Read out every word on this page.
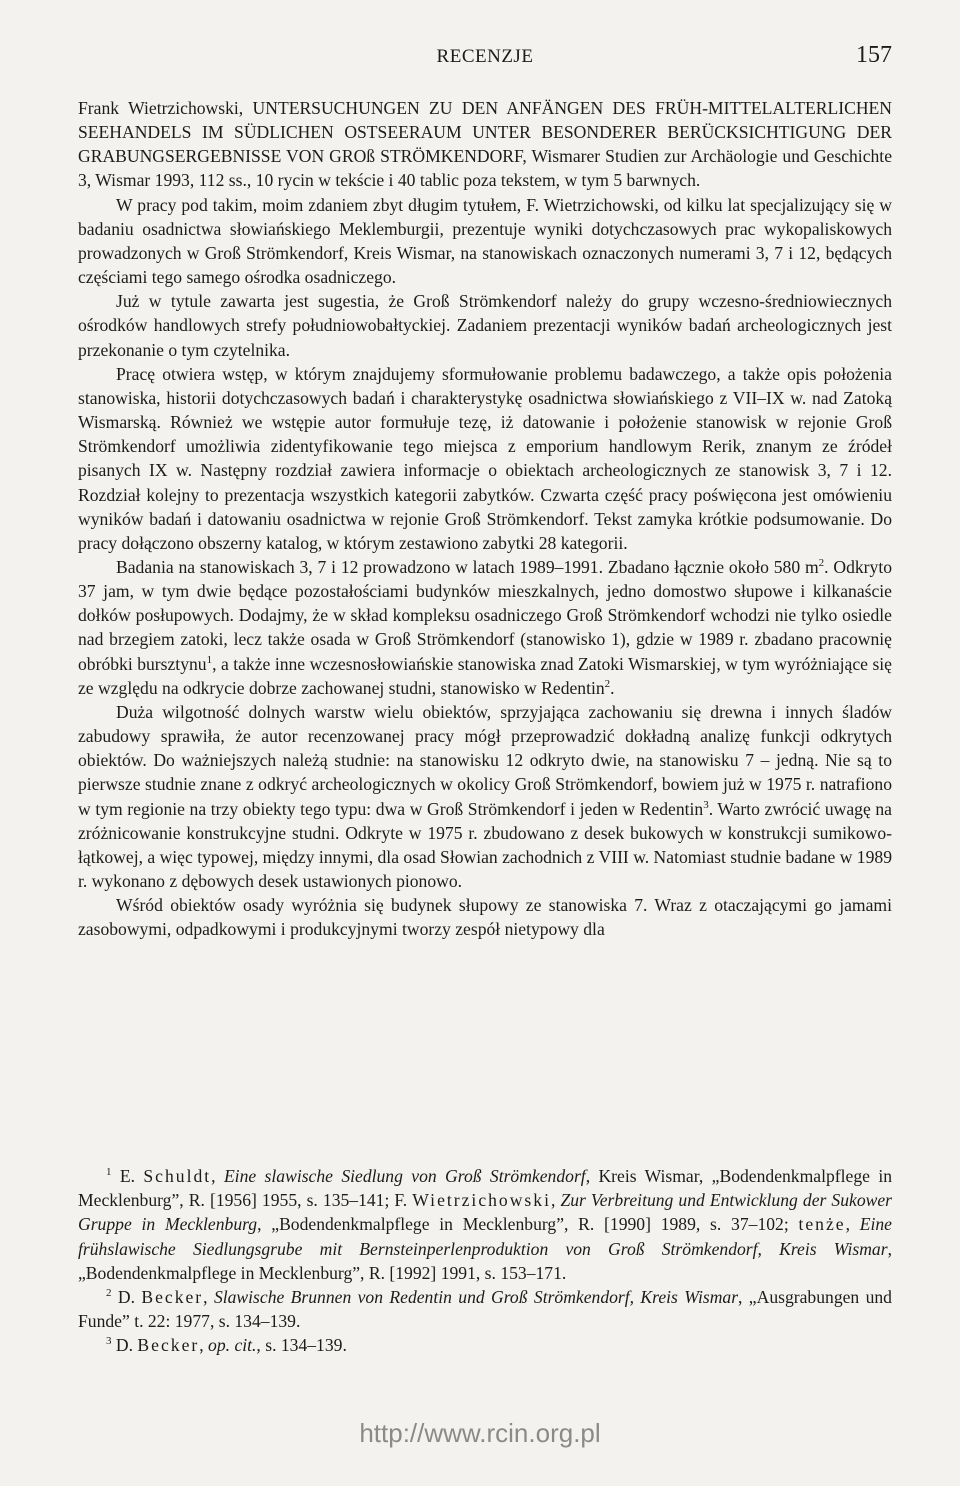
RECENZJE	157

Frank Wietrzichowski, UNTERSUCHUNGEN ZU DEN ANFÄNGEN DES FRÜH-MITTELALTERLICHEN SEEHANDELS IM SÜDLICHEN OSTSEERAUM UNTER BESONDERER BERÜCKSICHTIGUNG DER GRABUNGSERGEBNISSE VON GROß STRÖMKENDORF, Wismarer Studien zur Archäologie und Geschichte 3, Wismar 1993, 112 ss., 10 rycin w tekście i 40 tablic poza tekstem, w tym 5 barwnych.

W pracy pod takim, moim zdaniem zbyt długim tytułem, F. Wietrzichowski, od kilku lat specjalizujący się w badaniu osadnictwa słowiańskiego Meklemburgii, prezentuje wyniki dotychczasowych prac wykopaliskowych prowadzonych w Groß Strömkendorf, Kreis Wismar, na stanowiskach oznaczonych numerami 3, 7 i 12, będących częściami tego samego ośrodka osadniczego.

Już w tytule zawarta jest sugestia, że Groß Strömkendorf należy do grupy wczesno-średniowiecznych ośrodków handlowych strefy południowobałtyckiej. Zadaniem prezentacji wyników badań archeologicznych jest przekonanie o tym czytelnika.

Pracę otwiera wstęp, w którym znajdujemy sformułowanie problemu badawczego, a także opis położenia stanowiska, historii dotychczasowych badań i charakterystykę osadnictwa słowiańskiego z VII–IX w. nad Zatoką Wismarską. Również we wstępie autor formułuje tezę, iż datowanie i położenie stanowisk w rejonie Groß Strömkendorf umożliwia zidentyfikowanie tego miejsca z emporium handlowym Rerik, znanym ze źródeł pisanych IX w. Następny rozdział zawiera informacje o obiektach archeologicznych ze stanowisk 3, 7 i 12. Rozdział kolejny to prezentacja wszystkich kategorii zabytków. Czwarta część pracy poświęcona jest omówieniu wyników badań i datowaniu osadnictwa w rejonie Groß Strömkendorf. Tekst zamyka krótkie podsumowanie. Do pracy dołączono obszerny katalog, w którym zestawiono zabytki 28 kategorii.

Badania na stanowiskach 3, 7 i 12 prowadzono w latach 1989–1991. Zbadano łącznie około 580 $m^2$. Odkryto 37 jam, w tym dwie będące pozostałościami budynków mieszkalnych, jedno domostwo słupowe i kilkanaście dołków posłupowych. Dodajmy, że w skład kompleksu osadniczego Groß Strömkendorf wchodzi nie tylko osiedle nad brzegiem zatoki, lecz także osada w Groß Strömkendorf (stanowisko 1), gdzie w 1989 r. zbadano pracownię obróbki bursztynu$^1$, a także inne wczesnosłowiańskie stanowiska znad Zatoki Wismarskiej, w tym wyróżniające się ze względu na odkrycie dobrze zachowanej studni, stanowisko w Redentin$^2$.

Duża wilgotność dolnych warstw wielu obiektów, sprzyjająca zachowaniu się drewna i innych śladów zabudowy sprawiła, że autor recenzowanej pracy mógł przeprowadzić dokładną analizę funkcji odkrytych obiektów. Do ważniejszych należą studnie: na stanowisku 12 odkryto dwie, na stanowisku 7 – jedną. Nie są to pierwsze studnie znane z odkryć archeologicznych w okolicy Groß Strömkendorf, bowiem już w 1975 r. natrafiono w tym regionie na trzy obiekty tego typu: dwa w Groß Strömkendorf i jeden w Redentin$^3$. Warto zwrócić uwagę na zróżnicowanie konstrukcyjne studni. Odkryte w 1975 r. zbudowano z desek bukowych w konstrukcji sumikowo-łątkowej, a więc typowej, między innymi, dla osad Słowian zachodnich z VIII w. Natomiast studnie badane w 1989 r. wykonano z dębowych desek ustawionych pionowo.

Wśród obiektów osady wyróżnia się budynek słupowy ze stanowiska 7. Wraz z otaczającymi go jamami zasobowymi, odpadkowymi i produkcyjnymi tworzy zespół nietypowy dla

$^1$ E. Schuldt, Eine slawische Siedlung von Groß Strömkendorf, Kreis Wismar, „Bodendenkmalpflege in Mecklenburg”, R. [1956] 1955, s. 135–141; F. Wietrzichowski, Zur Verbreitung und Entwicklung der Sukower Gruppe in Mecklenburg, „Bodendenkmalpflege in Mecklenburg”, R. [1990] 1989, s. 37–102; tenże, Eine frühslawische Siedlungsgrube mit Bernsteinperlenproduktion von Groß Strömkendorf, Kreis Wismar, „Bodendenkmalpflege in Mecklenburg”, R. [1992] 1991, s. 153–171.

$^2$ D. Becker, Slawische Brunnen von Redentin und Groß Strömkendorf, Kreis Wismar, „Ausgrabungen und Funde” t. 22: 1977, s. 134–139.

$^3$ D. Becker, op. cit., s. 134–139.

http://www.rcin.org.pl
